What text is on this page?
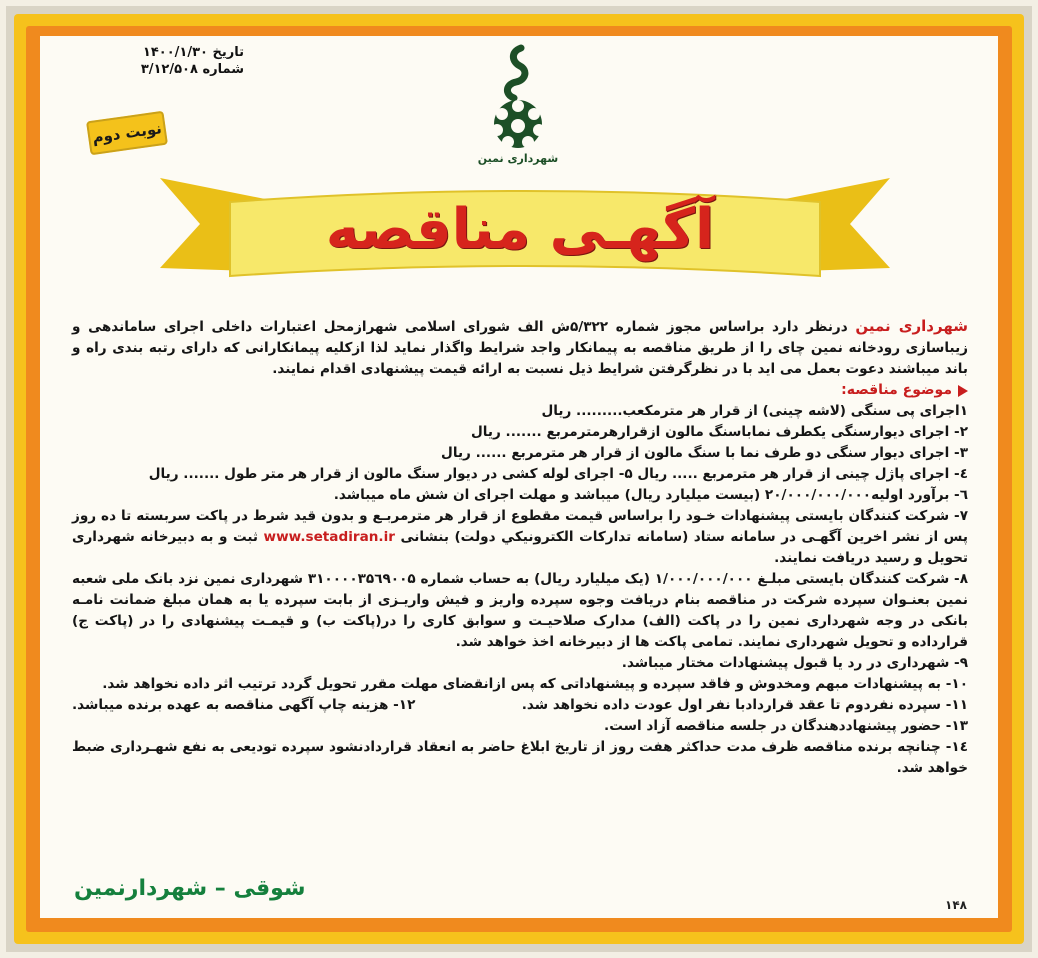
تاریخ ۱۴۰۰/۱/۳۰
شماره ۳/۱۲/۵۰۸
نوبت دوم
شهرداری نمین
آگهـی مناقصه

شهرداری نمین درنظر دارد براساس مجوز شماره ۵/۳۲۲ش الف شورای اسلامی شهرازمحل اعتبارات داخلی اجرای ساماندهی و زیباسازی رودخانه نمین چای را از طریق مناقصه به پیمانکار واجد شرایط واگذار نماید لذا ازکلیه پیمانکارانی که دارای رتبه بندی راه و باند میباشند دعوت بعمل می اید با در نظرگرفتن شرایط ذیل نسبت به ارائه قیمت پیشنهادی اقدام نمایند.

موضوع مناقصه:

۱اجرای پی سنگی (لاشه چینی) از قرار هر مترمکعب......... ریال

۲- اجرای دیوارسنگی یکطرف نماباسنگ مالون ازقرارهرمترمربع ....... ریال

۳- اجرای دیوار سنگی دو طرف نما با سنگ مالون از قرار هر مترمربع ...... ریال

٤- اجرای پاژل چینی از قرار هر مترمربع ..... ریال ۵- اجرای لوله کشی در دیوار سنگ مالون از قرار هر متر طول ....... ریال

٦- برآورد اولیه۲۰/۰۰۰/۰۰۰/۰۰۰ (بیست میلیارد ریال) میباشد و مهلت اجرای ان شش ماه میباشد.

۷- شرکت کنندگان بایستی پیشنهادات خـود را براساس قیمت مقطوع از قرار هر مترمربـع و بدون قید شرط در پاکت سربسته تا ده روز پس از نشر اخرین آگهـی در سامانه ستاد (سامانه تداركات الكترونيكي دولت) بنشانی www.setadiran.ir ثبت و به دبیرخانه شهرداری تحویل و رسید دریافت نمایند.

۸- شرکت کنندگان بایستی مبلـغ ۱/۰۰۰/۰۰۰/۰۰۰ (یک میلیارد ریال) به حساب شماره ۳۱۰۰۰۰۳۵٦۹۰۰۵ شهرداری نمین نزد بانک ملی شعبه نمین بعنـوان سپرده شرکت در مناقصه بنام دریافت وجوه سپرده واریز و فیش واریـزی از بابت سپرده یا به همان مبلغ ضمانت نامـه بانکی در وجه شهرداری نمین را در پاکت (الف) مدارک صلاحیـت و سوابق کاری را در(پاکت ب) و قیمـت پیشنهادی را در (پاکت ج) قرارداده و تحویل شهرداری نمایند. تمامی پاکت ها از دبیرخانه اخذ خواهد شد.

۹- شهرداری در رد یا قبول پیشنهادات مختار میباشد.

۱۰- به پیشنهادات مبهم ومخدوش و فاقد سپرده و پیشنهاداتی که پس ازانقضای مهلت مقرر تحویل گردد ترتیب اثر داده نخواهد شد.

۱۱- سپرده نفردوم تا عقد قراردادبا نفر اول عودت داده نخواهد شد.
۱۲- هزینه چاپ آگهی مناقصه به عهده برنده میباشد.

۱۳- حضور پیشنهاددهندگان در جلسه مناقصه آزاد است.

۱٤- چنانچه برنده مناقصه ظرف مدت حداکثر هفت روز از تاریخ ابلاغ حاضر به انعقاد قراردادنشود سپرده تودیعی به نفع شهـرداری ضبط خواهد شد.

شوقی – شهردارنمین
۱۴۸
